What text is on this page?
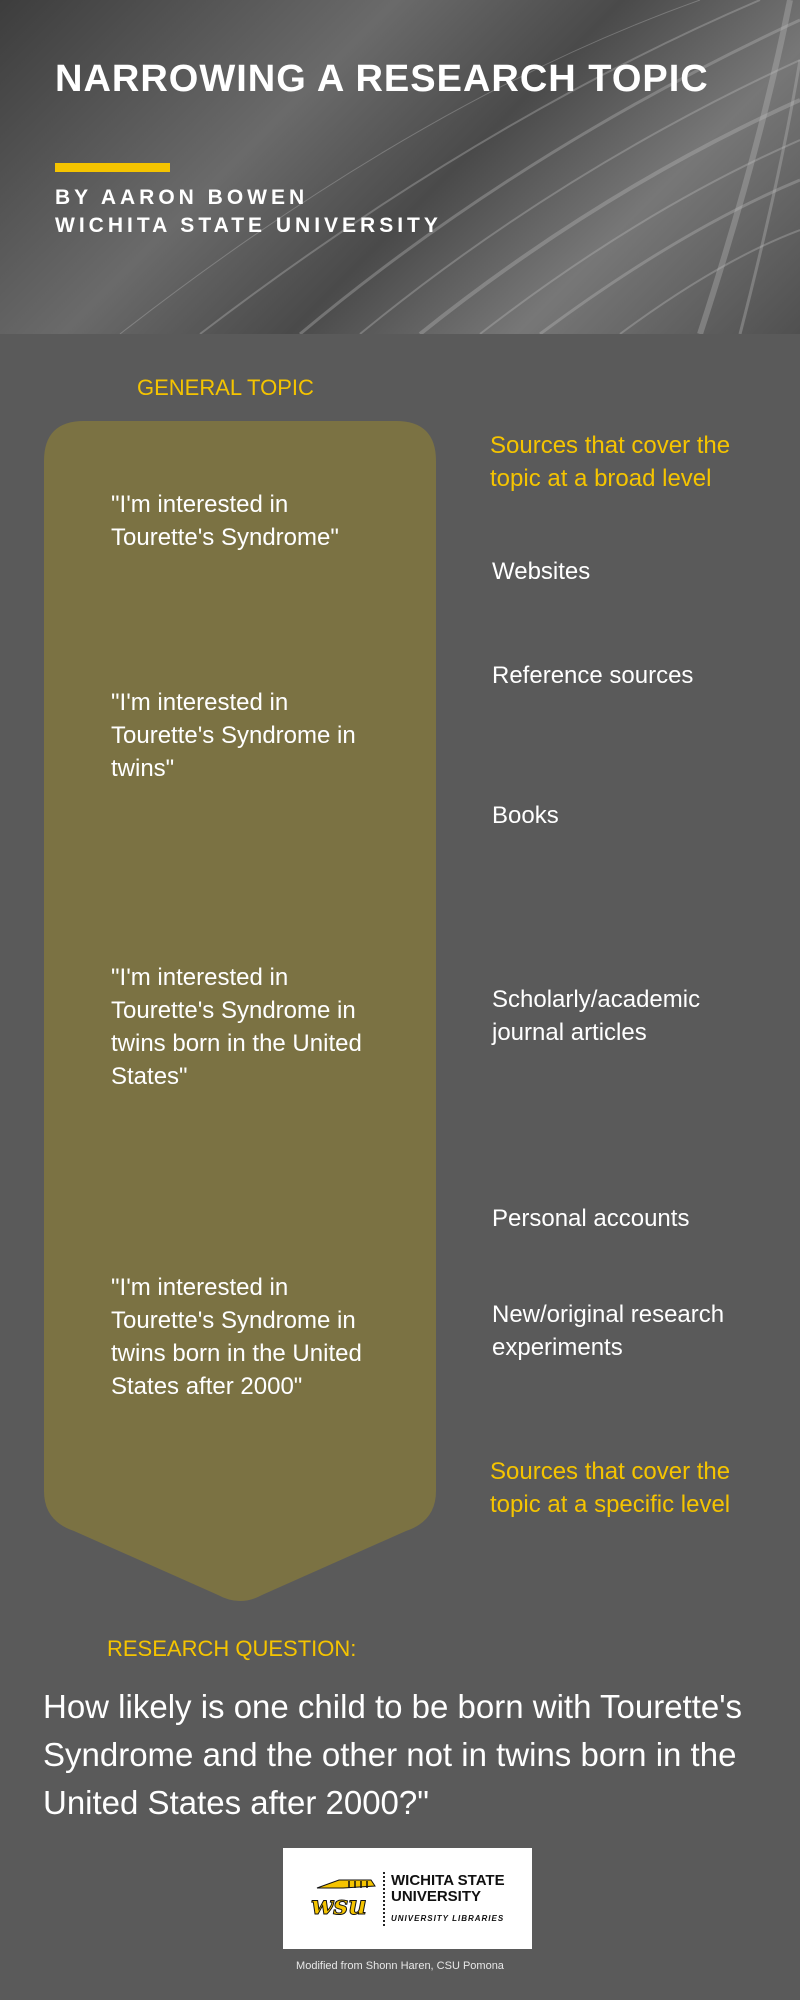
NARROWING A RESEARCH TOPIC
BY AARON BOWEN
WICHITA STATE UNIVERSITY
GENERAL TOPIC
"I'm interested in Tourette's Syndrome"
"I'm interested in Tourette's Syndrome in twins"
"I'm interested in Tourette's Syndrome in twins born in the United States"
"I'm interested in Tourette's Syndrome in twins born in the United States after 2000"
Sources that cover the topic at a broad level
Websites
Reference sources
Books
Scholarly/academic journal articles
Personal accounts
New/original research experiments
Sources that cover the topic at a specific level
RESEARCH QUESTION:
How likely is one child to be born with Tourette's Syndrome and the other not in twins born in the United States after 2000?"
wsu
WICHITA STATE
UNIVERSITY
UNIVERSITY LIBRARIES
Modified from Shonn Haren, CSU Pomona
